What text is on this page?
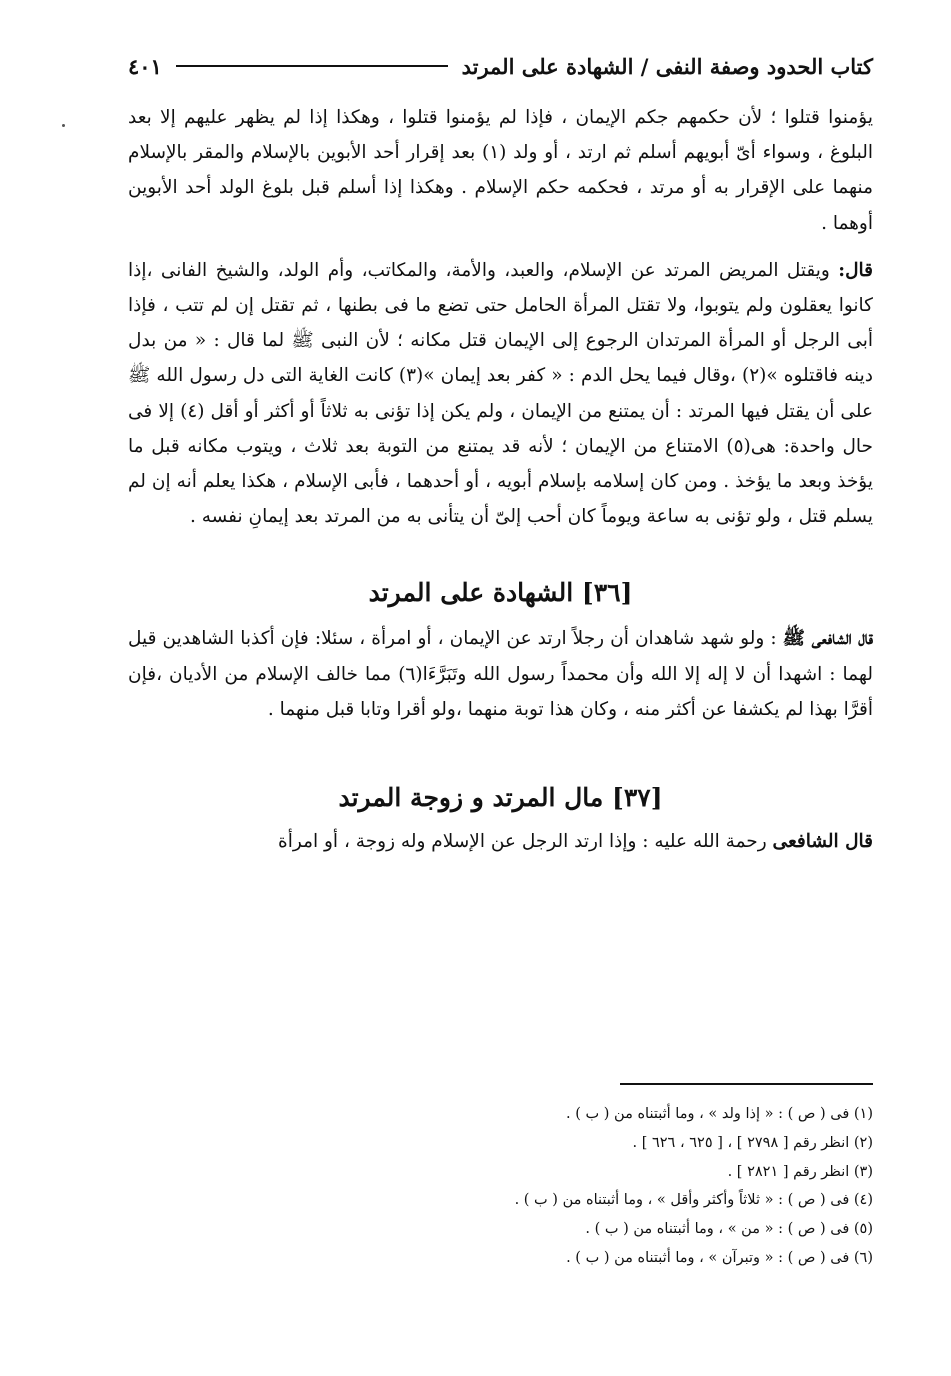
كتاب الحدود وصفة النفى / الشهادة على المرتد
٤٠١

يؤمنوا قتلوا ؛ لأن حكمهم جكم الإيمان ، فإذا لم يؤمنوا قتلوا ، وهكذا إذا لم يظهر عليهم إلا بعد البلوغ ، وسواء أىّ أبويهم أسلم ثم ارتد ، أو ولد (١) بعد إقرار أحد الأبوين بالإسلام والمقر بالإسلام منهما على الإقرار به أو مرتد ، فحكمه حكم الإسلام . وهكذا إذا أسلم قبل بلوغ الولد أحد الأبوين أوهما .

قال: ويقتل المريض المرتد عن الإسلام، والعبد، والأمة، والمكاتب، وأم الولد، والشيخ الفانى ،إذا كانوا يعقلون ولم يتوبوا، ولا تقتل المرأة الحامل حتى تضع ما فى بطنها ، ثم تقتل إن لم تتب ، فإذا أبى الرجل أو المرأة المرتدان الرجوع إلى الإيمان قتل مكانه ؛ لأن النبى ﷺ لما قال : « من بدل دينه فاقتلوه »(٢) ،وقال فيما يحل الدم : « كفر بعد إيمان »(٣) كانت الغاية التى دل رسول الله ﷺ على أن يقتل فيها المرتد : أن يمتنع من الإيمان ، ولم يكن إذا تؤنى به ثلاثاً أو أكثر أو أقل (٤) إلا فى حال واحدة: هى(٥) الامتناع من الإيمان ؛ لأنه قد يمتنع من التوبة بعد ثلاث ، ويتوب مكانه قبل ما يؤخذ وبعد ما يؤخذ . ومن كان إسلامه بإسلام أبويه ، أو أحدهما ، فأبى الإسلام ، هكذا يعلم أنه إن لم يسلم قتل ، ولو تؤنى به ساعة ويوماً كان أحب إلىّ أن يتأنى به من المرتد بعد إيمانِ نفسه .

[٣٦] الشهادة على المرتد

قال الشافعى ﷺ : ولو شهد شاهدان أن رجلاً ارتد عن الإيمان ، أو امرأة ، سئلا: فإن أكذبا الشاهدين قيل لهما : اشهدا أن لا إله إلا الله وأن محمداً رسول الله وتَبَرَّءَا(٦) مما خالف الإسلام من الأديان ،فإن أقرَّا بهذا لم يكشفا عن أكثر منه ، وكان هذا توبة منهما ،ولو أقرا وتابا قبل منهما .

[٣٧] مال المرتد و زوجة المرتد

قال الشافعى رحمة الله عليه : وإذا ارتد الرجل عن الإسلام وله زوجة ، أو امرأة

(١) فى ( ص ) : « إذا ولد » ، وما أثبتناه من ( ب ) .

(٢) انظر رقم [ ٢٧٩٨ ] ، [ ٦٢٥ ، ٦٢٦ ] .

(٣) انظر رقم [ ٢٨٢١ ] .

(٤) فى ( ص ) : « ثلاثاً وأكثر وأقل » ، وما أثبتناه من ( ب ) .

(٥) فى ( ص ) : « من » ، وما أثبتناه من ( ب ) .

(٦) فى ( ص ) : « وتبرآن » ، وما أثبتناه من ( ب ) .
